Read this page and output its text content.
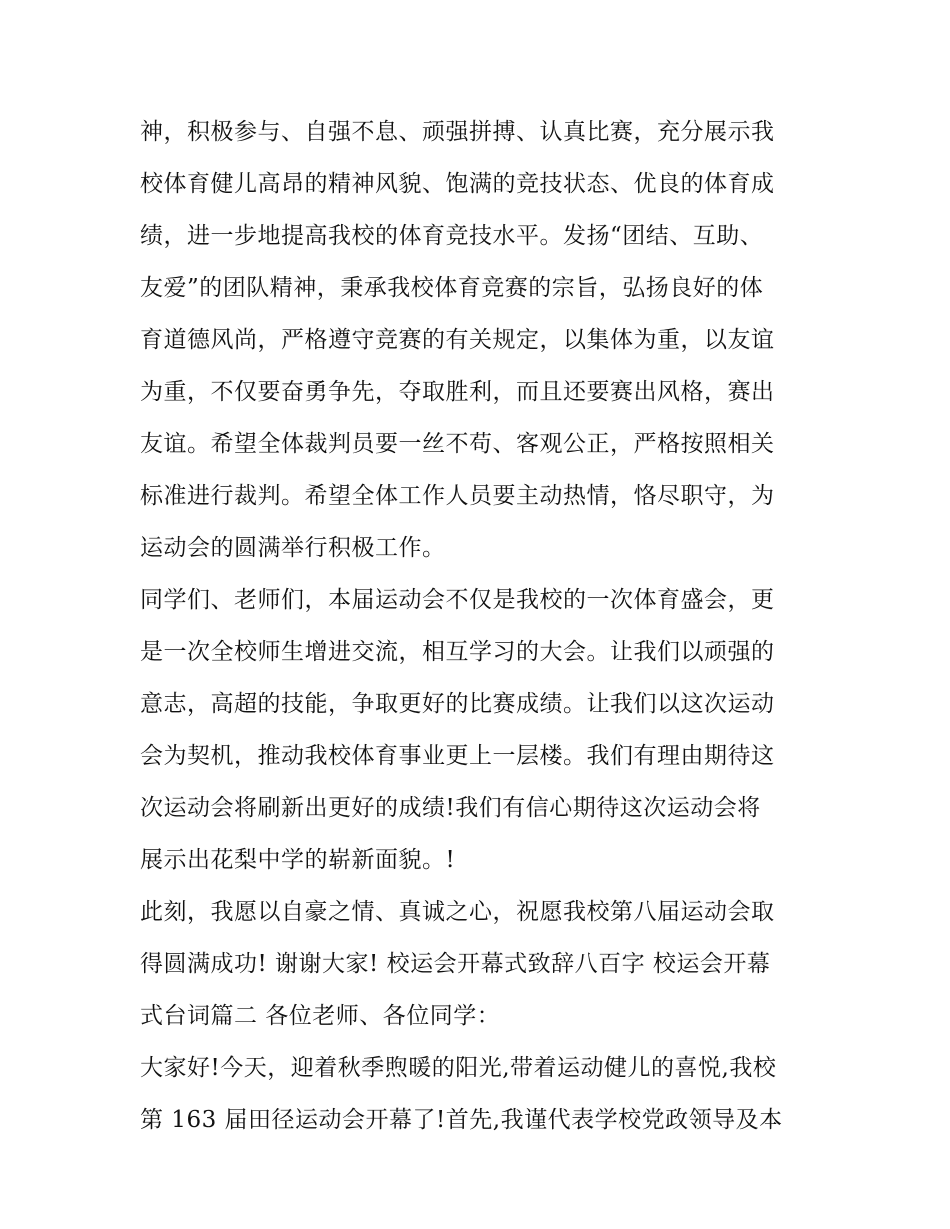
神，积极参与、自强不息、顽强拼搏、认真比赛，充分展示我
校体育健儿高昂的精神风貌、饱满的竞技状态、优良的体育成
绩，进一步地提高我校的体育竞技水平。发扬“团结、互助、
友爱”的团队精神，秉承我校体育竞赛的宗旨，弘扬良好的体
育道德风尚，严格遵守竞赛的有关规定，以集体为重，以友谊
为重，不仅要奋勇争先，夺取胜利，而且还要赛出风格，赛出
友谊。希望全体裁判员要一丝不苟、客观公正，严格按照相关
标准进行裁判。希望全体工作人员要主动热情，恪尽职守，为
运动会的圆满举行积极工作。
同学们、老师们，本届运动会不仅是我校的一次体育盛会，更
是一次全校师生增进交流，相互学习的大会。让我们以顽强的
意志，高超的技能，争取更好的比赛成绩。让我们以这次运动
会为契机，推动我校体育事业更上一层楼。我们有理由期待这
次运动会将刷新出更好的成绩!我们有信心期待这次运动会将
展示出花梨中学的崭新面貌。!
此刻，我愿以自豪之情、真诚之心，祝愿我校第八届运动会取
得圆满成功! 谢谢大家! 校运会开幕式致辞八百字 校运会开幕
式台词篇二 各位老师、各位同学：
大家好!今天，迎着秋季煦暖的阳光,带着运动健儿的喜悦,我校
第 163 届田径运动会开幕了!首先,我谨代表学校党政领导及本
